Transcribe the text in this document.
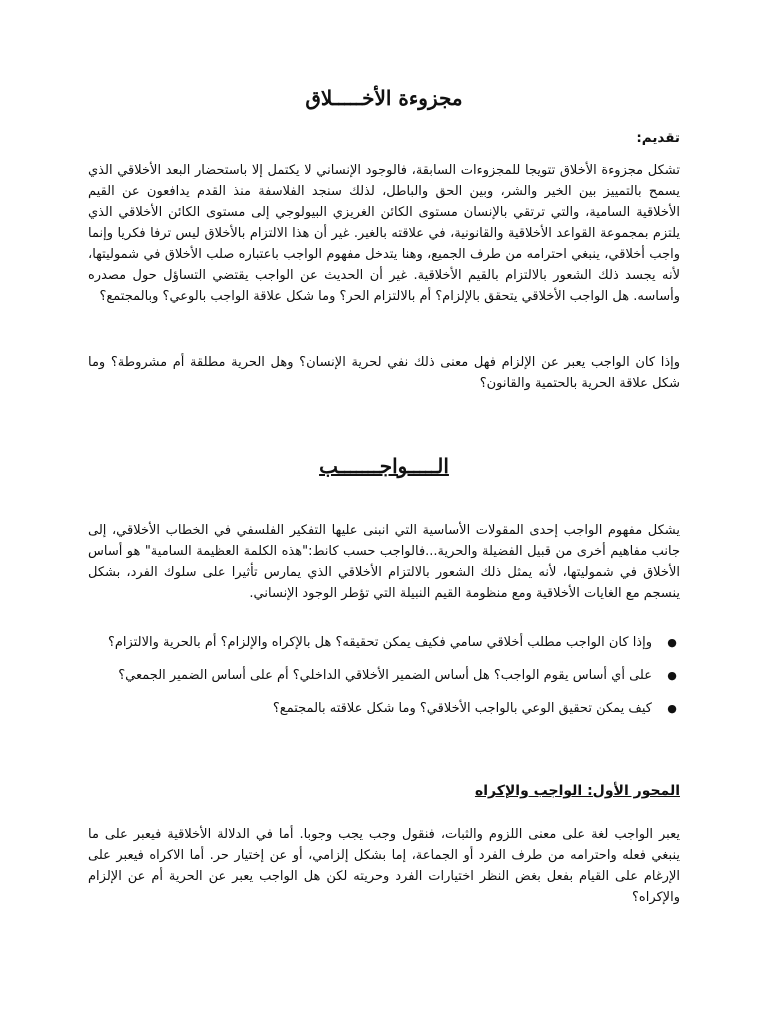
مجزوءة الأخـــــلاق

تقديم:

تشكل مجزوءة الأخلاق تتويجا للمجزوءات السابقة، فالوجود الإنساني لا يكتمل إلا باستحضار البعد الأخلاقي الذي يسمح بالتمييز بين الخير والشر، وبين الحق والباطل، لذلك سنجد الفلاسفة منذ القدم يدافعون عن القيم الأخلاقية السامية، والتي ترتقي بالإنسان مستوى الكائن الغريزي البيولوجي إلى مستوى الكائن الأخلاقي الذي يلتزم بمجموعة القواعد الأخلاقية والقانونية، في علاقته بالغير. غير أن هذا الالتزام بالأخلاق ليس ترفا فكريا وإنما واجب أخلاقي، ينبغي احترامه من طرف الجميع، وهنا يتدخل مفهوم الواجب باعتباره صلب الأخلاق في شموليتها، لأنه يجسد ذلك الشعور بالالتزام بالقيم الأخلاقية. غير أن الحديث عن الواجب يقتضي التساؤل حول مصدره وأساسه. هل الواجب الأخلاقي يتحقق بالإلزام؟ أم بالالتزام الحر؟ وما شكل علاقة الواجب بالوعي؟ وبالمجتمع؟

وإذا كان الواجب يعبر عن الإلزام فهل معنى ذلك نفي لحرية الإنسان؟ وهل الحرية مطلقة أم مشروطة؟ وما شكل علاقة الحرية بالحتمية والقانون؟

الـــــواجـــــــب

يشكل مفهوم الواجب إحدى المقولات الأساسية التي انبنى عليها التفكير الفلسفي في الخطاب الأخلاقي، إلى جانب مفاهيم أخرى من قبيل الفضيلة والحرية...فالواجب حسب كانط:"هذه الكلمة العظيمة السامية" هو أساس الأخلاق في شموليتها، لأنه يمثل ذلك الشعور بالالتزام الأخلاقي الذي يمارس تأثيرا على سلوك الفرد، بشكل ينسجم مع الغايات الأخلاقية ومع منظومة القيم النبيلة التي تؤطر الوجود الإنساني.

●
وإذا كان الواجب مطلب أخلاقي سامي فكيف يمكن تحقيقه؟ هل بالإكراه والإلزام؟ أم بالحرية والالتزام؟
●
على أي أساس يقوم الواجب؟ هل أساس الضمير الأخلاقي الداخلي؟ أم على أساس الضمير الجمعي؟
●
كيف يمكن تحقيق الوعي بالواجب الأخلاقي؟ وما شكل علاقته بالمجتمع؟
المحور الأول: الواجب والإكراه

يعبر الواجب لغة على معنى اللزوم والثبات، فنقول وجب يجب وجوبا. أما في الدلالة الأخلاقية فيعبر على ما ينبغي فعله واحترامه من طرف الفرد أو الجماعة، إما بشكل إلزامي، أو عن إختيار حر. أما الاكراه فيعبر على الإرغام على القيام بفعل بغض النظر اختيارات الفرد وحريته لكن هل الواجب يعبر عن الحرية أم عن الإلزام والإكراه؟
